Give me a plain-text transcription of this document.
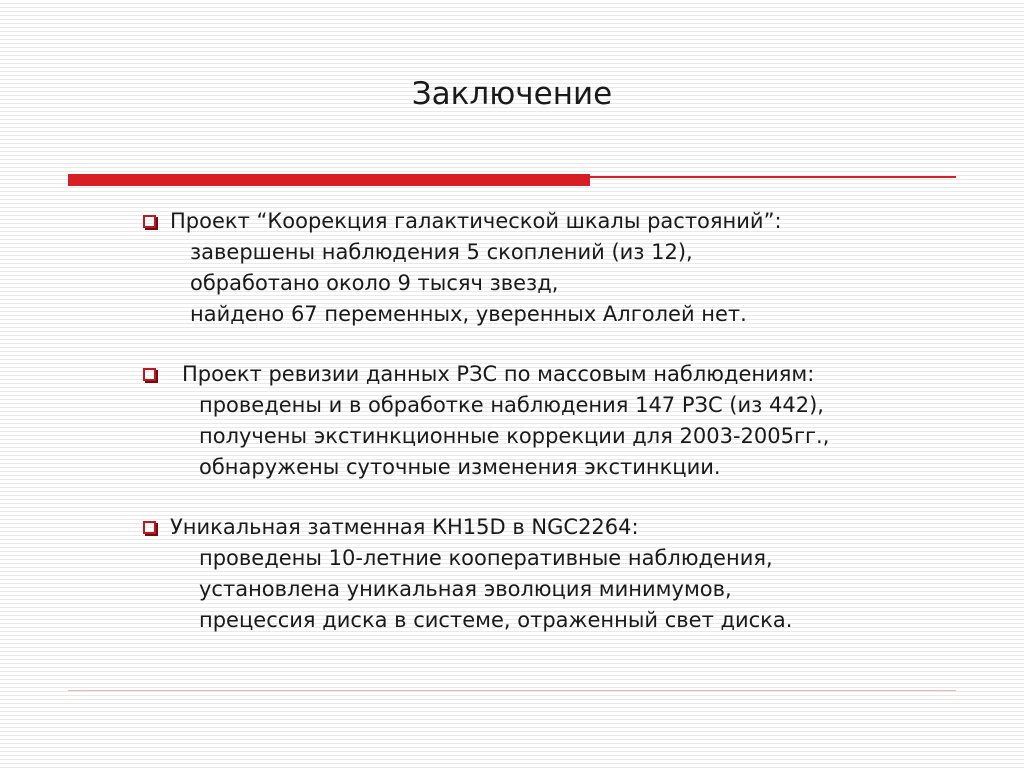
Заключение
Проект “Коорекция галактической шкалы растояний”:
завершены наблюдения 5 скоплений (из 12),
обработано около 9 тысяч звезд,
найдено 67 переменных, уверенных Алголей нет.
Проект ревизии данных РЗС по массовым наблюдениям:
проведены и в обработке наблюдения 147 РЗС (из 442),
получены экстинкционные коррекции для 2003-2005гг.,
обнаружены суточные изменения экстинкции.
Уникальная затменная КН15D в NGC2264:
проведены 10-летние кооперативные наблюдения,
установлена уникальная эволюция минимумов,
прецессия диска в системе, отраженный свет диска.
